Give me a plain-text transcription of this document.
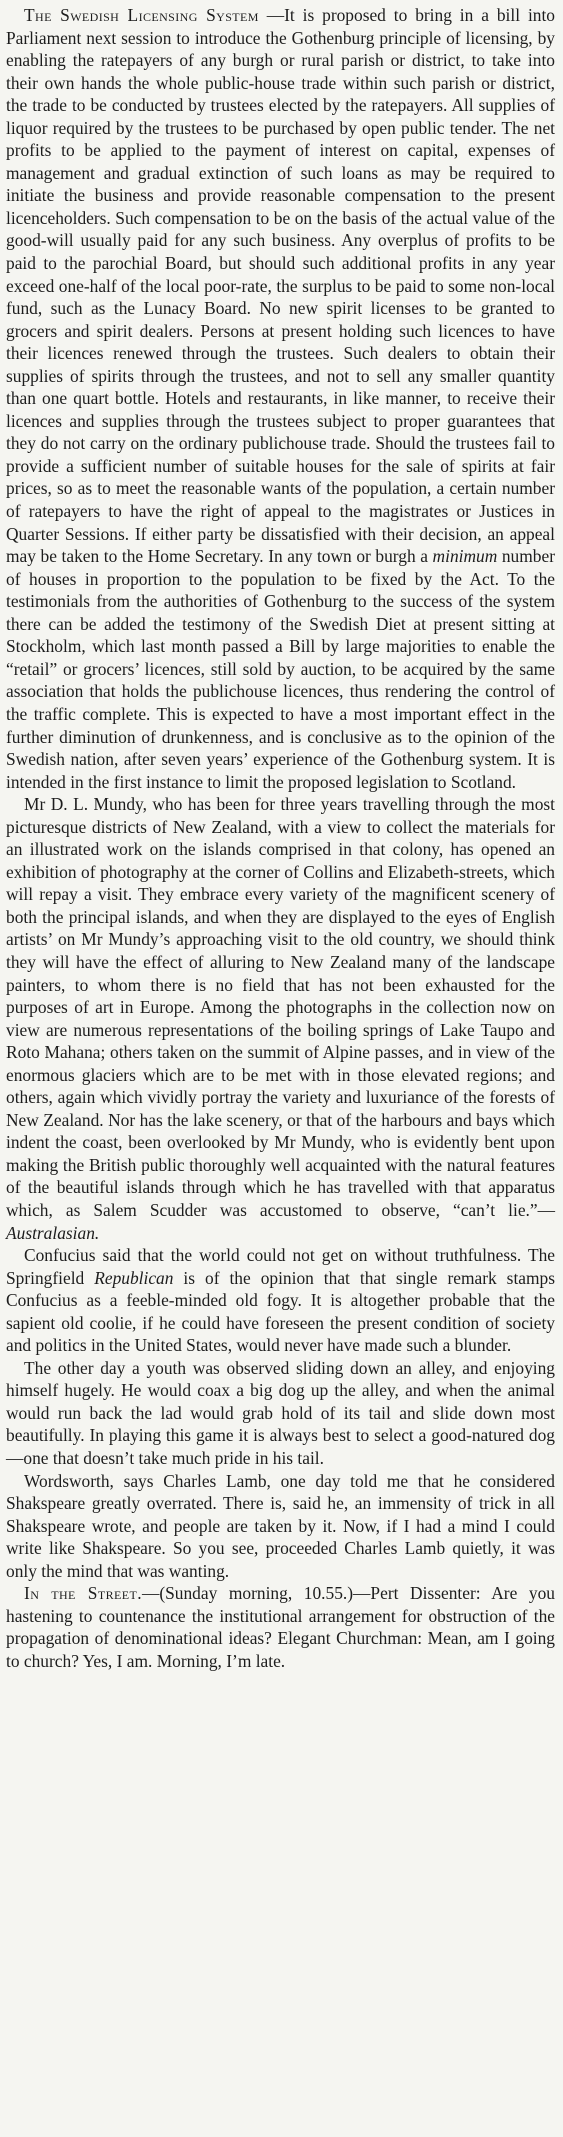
The Swedish Licensing System —It is proposed to bring in a bill into Parliament next session to introduce the Gothenburg principle of licensing, by enabling the ratepayers of any burgh or rural parish or district, to take into their own hands the whole public-house trade within such parish or district, the trade to be conducted by trustees elected by the ratepayers. All supplies of liquor required by the trustees to be purchased by open public tender. The net profits to be applied to the payment of interest on capital, expenses of management and gradual extinction of such loans as may be required to initiate the business and provide reasonable compensation to the present licenceholders. Such compensation to be on the basis of the actual value of the good-will usually paid for any such business. Any overplus of profits to be paid to the parochial Board, but should such additional profits in any year exceed one-half of the local poor-rate, the surplus to be paid to some non-local fund, such as the Lunacy Board. No new spirit licenses to be granted to grocers and spirit dealers. Persons at present holding such licences to have their licences renewed through the trustees. Such dealers to obtain their supplies of spirits through the trustees, and not to sell any smaller quantity than one quart bottle. Hotels and restaurants, in like manner, to receive their licences and supplies through the trustees subject to proper guarantees that they do not carry on the ordinary publichouse trade. Should the trustees fail to provide a sufficient number of suitable houses for the sale of spirits at fair prices, so as to meet the reasonable wants of the population, a certain number of ratepayers to have the right of appeal to the magistrates or Justices in Quarter Sessions. If either party be dissatisfied with their decision, an appeal may be taken to the Home Secretary. In any town or burgh a minimum number of houses in proportion to the population to be fixed by the Act. To the testimonials from the authorities of Gothenburg to the success of the system there can be added the testimony of the Swedish Diet at present sitting at Stockholm, which last month passed a Bill by large majorities to enable the “retail” or grocers’ licences, still sold by auction, to be acquired by the same association that holds the publichouse licences, thus rendering the control of the traffic complete. This is expected to have a most important effect in the further diminution of drunkenness, and is conclusive as to the opinion of the Swedish nation, after seven years’ experience of the Gothenburg system. It is intended in the first instance to limit the proposed legislation to Scotland.

Mr D. L. Mundy, who has been for three years travelling through the most picturesque districts of New Zealand, with a view to collect the materials for an illustrated work on the islands comprised in that colony, has opened an exhibition of photography at the corner of Collins and Elizabeth-streets, which will repay a visit. They embrace every variety of the magnificent scenery of both the principal islands, and when they are displayed to the eyes of English artists’ on Mr Mundy’s approaching visit to the old country, we should think they will have the effect of alluring to New Zealand many of the landscape painters, to whom there is no field that has not been exhausted for the purposes of art in Europe. Among the photographs in the collection now on view are numerous representations of the boiling springs of Lake Taupo and Roto Mahana; others taken on the summit of Alpine passes, and in view of the enormous glaciers which are to be met with in those elevated regions; and others, again which vividly portray the variety and luxuriance of the forests of New Zealand. Nor has the lake scenery, or that of the harbours and bays which indent the coast, been overlooked by Mr Mundy, who is evidently bent upon making the British public thoroughly well acquainted with the natural features of the beautiful islands through which he has travelled with that apparatus which, as Salem Scudder was accustomed to observe, “can’t lie.”—Australasian.

Confucius said that the world could not get on without truthfulness. The Springfield Republican is of the opinion that that single remark stamps Confucius as a feeble-minded old fogy. It is altogether probable that the sapient old coolie, if he could have foreseen the present condition of society and politics in the United States, would never have made such a blunder.

The other day a youth was observed sliding down an alley, and enjoying himself hugely. He would coax a big dog up the alley, and when the animal would run back the lad would grab hold of its tail and slide down most beautifully. In playing this game it is always best to select a good-natured dog—one that doesn’t take much pride in his tail.

Wordsworth, says Charles Lamb, one day told me that he considered Shakspeare greatly overrated. There is, said he, an immensity of trick in all Shakspeare wrote, and people are taken by it. Now, if I had a mind I could write like Shakspeare. So you see, proceeded Charles Lamb quietly, it was only the mind that was wanting.

In the Street.—(Sunday morning, 10.55.)—Pert Dissenter: Are you hastening to countenance the institutional arrangement for obstruction of the propagation of denominational ideas? Elegant Churchman: Mean, am I going to church? Yes, I am. Morning, I’m late.
